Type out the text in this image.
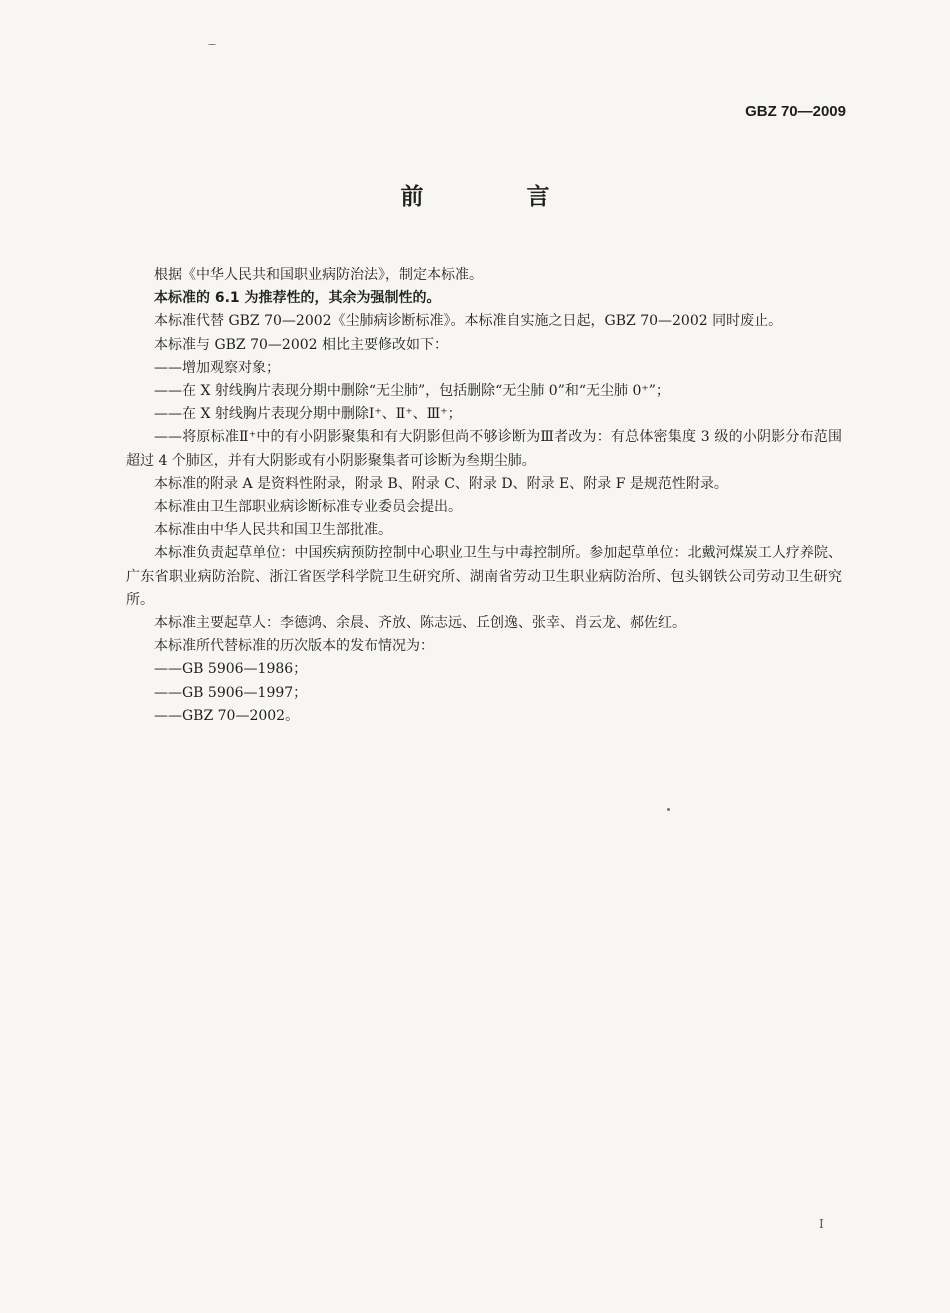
GBZ 70—2009
前　言

根据《中华人民共和国职业病防治法》，制定本标准。

本标准的 6.1 为推荐性的，其余为强制性的。

本标准代替 GBZ 70—2002《尘肺病诊断标准》。本标准自实施之日起，GBZ 70—2002 同时废止。

本标准与 GBZ 70—2002 相比主要修改如下：

——增加观察对象；

——在 X 射线胸片表现分期中删除“无尘肺”，包括删除“无尘肺 0”和“无尘肺 0⁺”；

——在 X 射线胸片表现分期中删除Ⅰ⁺、Ⅱ⁺、Ⅲ⁺；

——将原标准Ⅱ⁺中的有小阴影聚集和有大阴影但尚不够诊断为Ⅲ者改为：有总体密集度 3 级的小阴影分布范围超过 4 个肺区，并有大阴影或有小阴影聚集者可诊断为叁期尘肺。

本标准的附录 A 是资料性附录，附录 B、附录 C、附录 D、附录 E、附录 F 是规范性附录。

本标准由卫生部职业病诊断标准专业委员会提出。

本标准由中华人民共和国卫生部批准。

本标准负责起草单位：中国疾病预防控制中心职业卫生与中毒控制所。参加起草单位：北戴河煤炭工人疗养院、广东省职业病防治院、浙江省医学科学院卫生研究所、湖南省劳动卫生职业病防治所、包头钢铁公司劳动卫生研究所。

本标准主要起草人：李德鸿、余晨、齐放、陈志远、丘创逸、张幸、肖云龙、郝佐红。

本标准所代替标准的历次版本的发布情况为：

——GB 5906—1986；

——GB 5906—1997；

——GBZ 70—2002。

I
